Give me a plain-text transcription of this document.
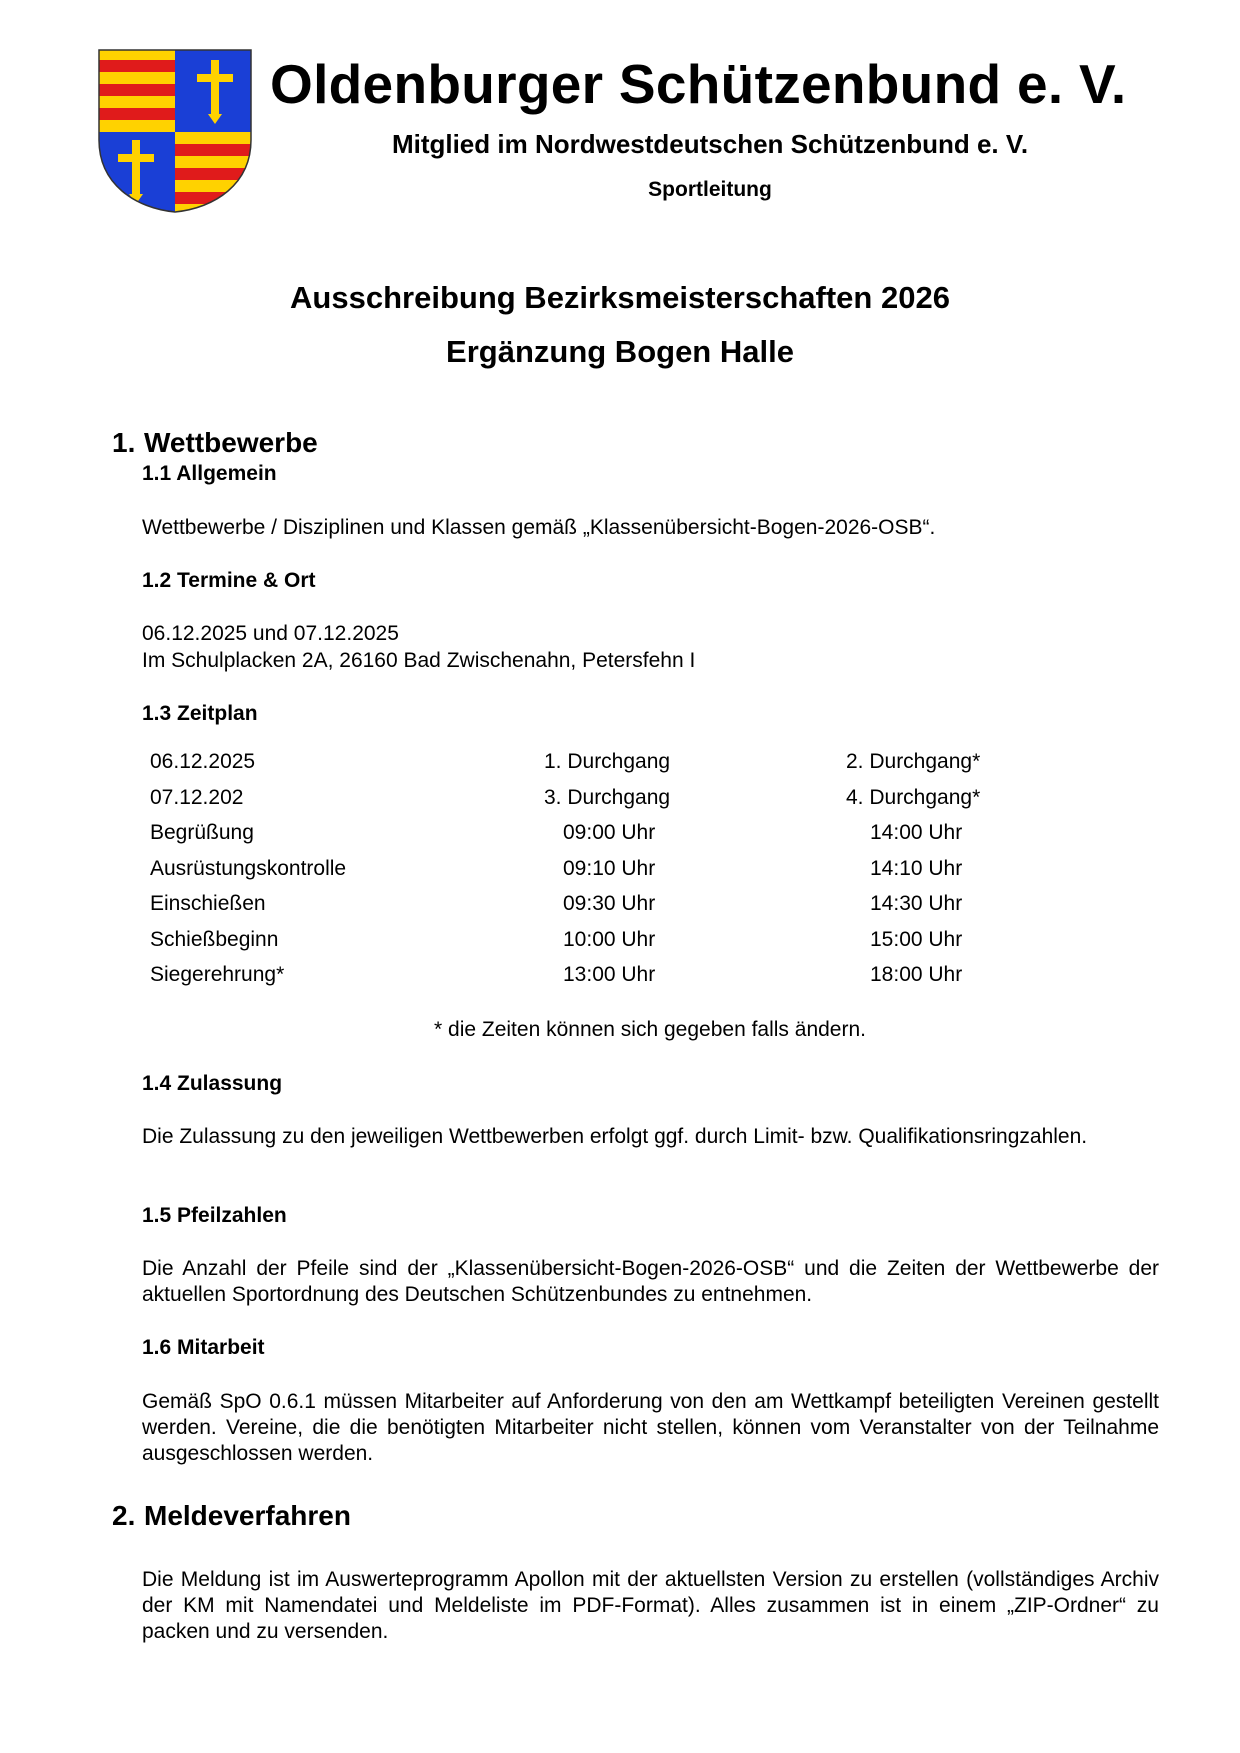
Oldenburger Schützenbund e. V.
Mitglied im Nordwestdeutschen Schützenbund e. V.
Sportleitung
Ausschreibung Bezirksmeisterschaften 2026
Ergänzung Bogen Halle
1. Wettbewerbe
1.1 Allgemein
Wettbewerbe / Disziplinen und Klassen gemäß „Klassenübersicht-Bogen-2026-OSB“.
1.2 Termine & Ort
06.12.2025 und 07.12.2025
Im Schulplacken 2A, 26160 Bad Zwischenahn, Petersfehn I
1.3 Zeitplan
06.12.2025	1. Durchgang	2. Durchgang*
07.12.202	3. Durchgang	4. Durchgang*
Begrüßung	09:00 Uhr	14:00 Uhr
Ausrüstungskontrolle	09:10 Uhr	14:10 Uhr
Einschießen	09:30 Uhr	14:30 Uhr
Schießbeginn	10:00 Uhr	15:00 Uhr
Siegerehrung*	13:00 Uhr	18:00 Uhr
* die Zeiten können sich gegeben falls ändern.
1.4 Zulassung
Die Zulassung zu den jeweiligen Wettbewerben erfolgt ggf. durch Limit- bzw. Qualifikationsringzahlen.
1.5 Pfeilzahlen
Die Anzahl der Pfeile sind der „Klassenübersicht-Bogen-2026-OSB“ und die Zeiten der Wettbewerbe der aktuellen Sportordnung des Deutschen Schützenbundes zu entnehmen.
1.6 Mitarbeit
Gemäß SpO 0.6.1 müssen Mitarbeiter auf Anforderung von den am Wettkampf beteiligten Vereinen gestellt werden. Vereine, die die benötigten Mitarbeiter nicht stellen, können vom Veranstalter von der Teilnahme ausgeschlossen werden.
2. Meldeverfahren
Die Meldung ist im Auswerteprogramm Apollon mit der aktuellsten Version zu erstellen (vollständiges Archiv der KM mit Namendatei und Meldeliste im PDF-Format). Alles zusammen ist in einem „ZIP-Ordner“ zu packen und zu versenden.
